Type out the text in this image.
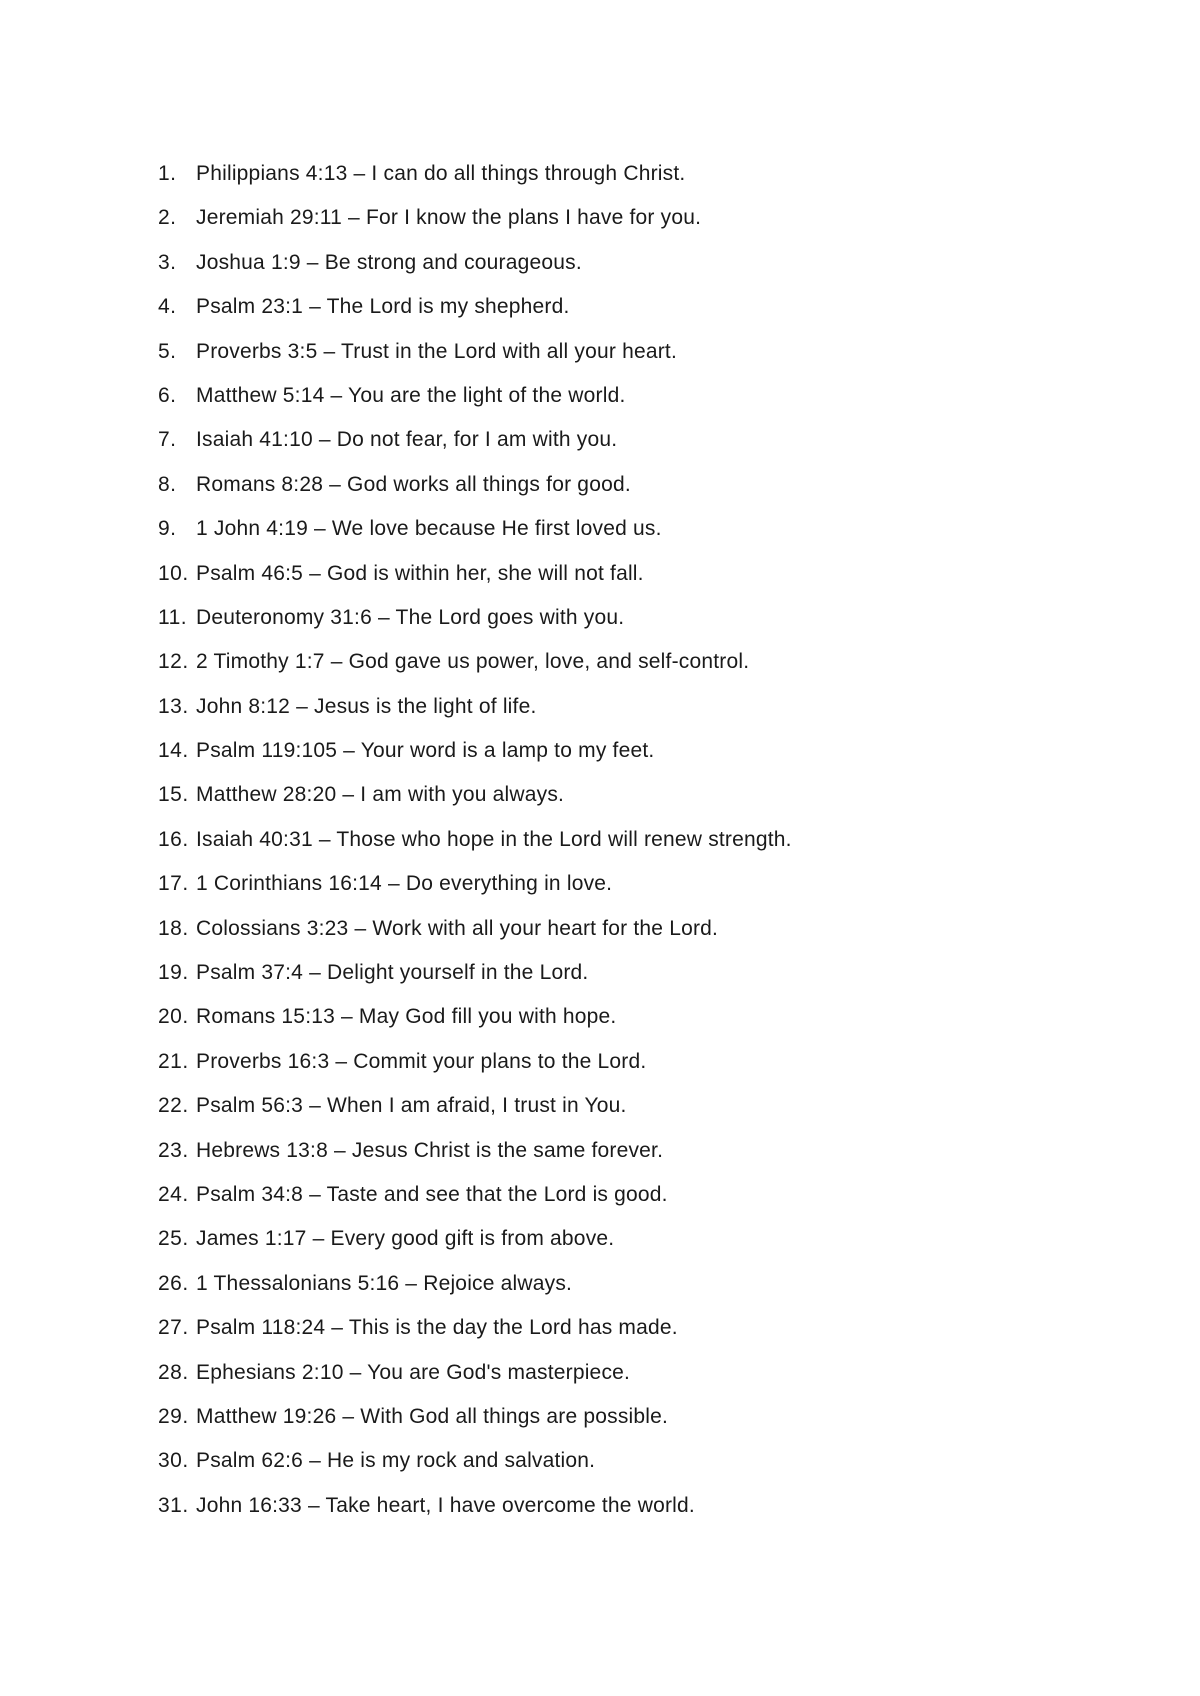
1. Philippians 4:13 – I can do all things through Christ.
2. Jeremiah 29:11 – For I know the plans I have for you.
3. Joshua 1:9 – Be strong and courageous.
4. Psalm 23:1 – The Lord is my shepherd.
5. Proverbs 3:5 – Trust in the Lord with all your heart.
6. Matthew 5:14 – You are the light of the world.
7. Isaiah 41:10 – Do not fear, for I am with you.
8. Romans 8:28 – God works all things for good.
9. 1 John 4:19 – We love because He first loved us.
10. Psalm 46:5 – God is within her, she will not fall.
11. Deuteronomy 31:6 – The Lord goes with you.
12. 2 Timothy 1:7 – God gave us power, love, and self-control.
13. John 8:12 – Jesus is the light of life.
14. Psalm 119:105 – Your word is a lamp to my feet.
15. Matthew 28:20 – I am with you always.
16. Isaiah 40:31 – Those who hope in the Lord will renew strength.
17. 1 Corinthians 16:14 – Do everything in love.
18. Colossians 3:23 – Work with all your heart for the Lord.
19. Psalm 37:4 – Delight yourself in the Lord.
20. Romans 15:13 – May God fill you with hope.
21. Proverbs 16:3 – Commit your plans to the Lord.
22. Psalm 56:3 – When I am afraid, I trust in You.
23. Hebrews 13:8 – Jesus Christ is the same forever.
24. Psalm 34:8 – Taste and see that the Lord is good.
25. James 1:17 – Every good gift is from above.
26. 1 Thessalonians 5:16 – Rejoice always.
27. Psalm 118:24 – This is the day the Lord has made.
28. Ephesians 2:10 – You are God's masterpiece.
29. Matthew 19:26 – With God all things are possible.
30. Psalm 62:6 – He is my rock and salvation.
31. John 16:33 – Take heart, I have overcome the world.
